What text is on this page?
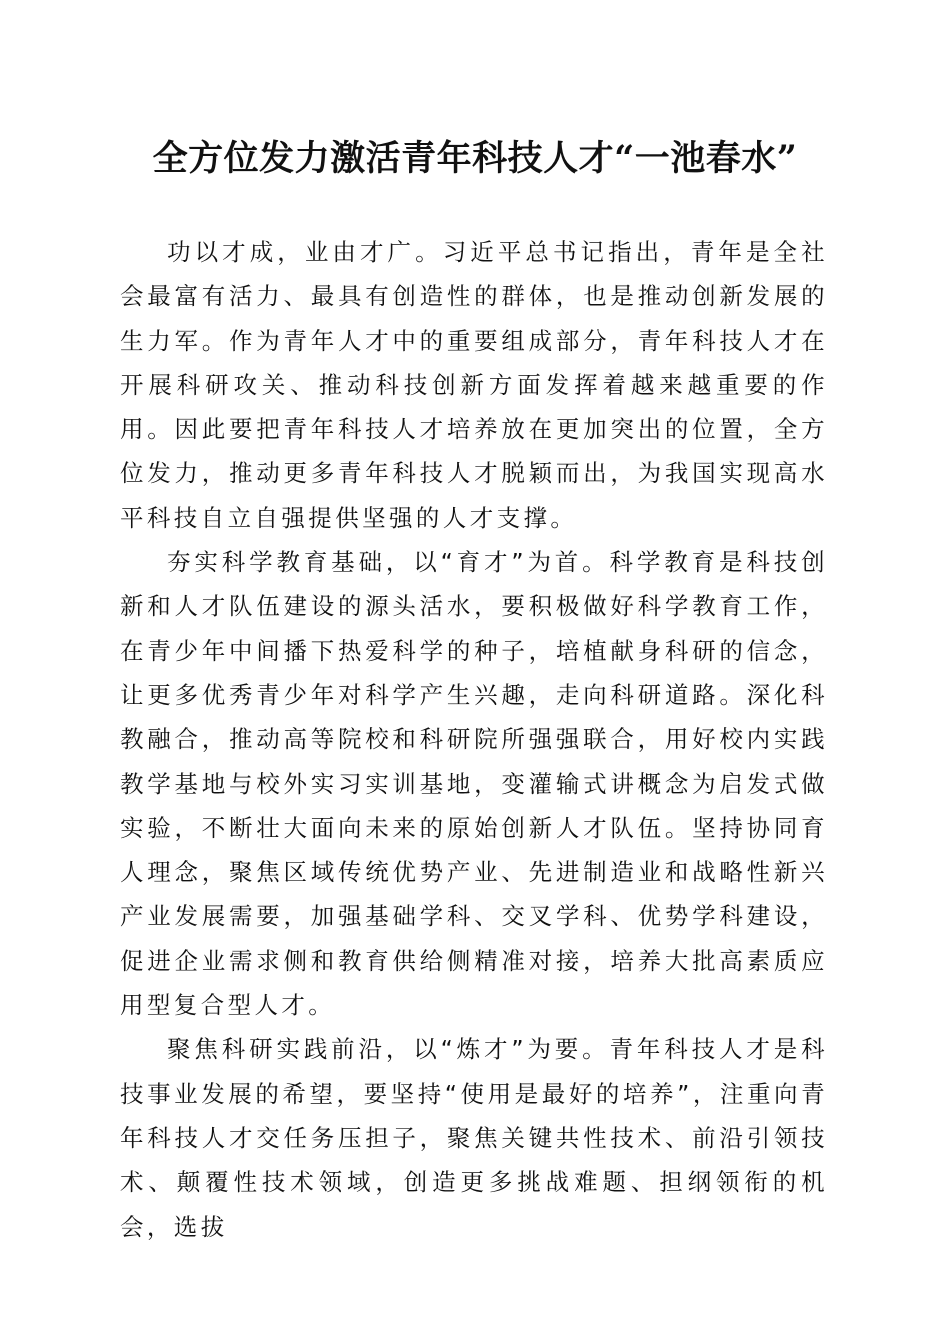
全方位发力激活青年科技人才“一池春水”

功以才成，业由才广。习近平总书记指出，青年是全社会最富有活力、最具有创造性的群体，也是推动创新发展的生力军。作为青年人才中的重要组成部分，青年科技人才在开展科研攻关、推动科技创新方面发挥着越来越重要的作用。因此要把青年科技人才培养放在更加突出的位置，全方位发力，推动更多青年科技人才脱颖而出，为我国实现高水平科技自立自强提供坚强的人才支撑。

夯实科学教育基础，以“育才”为首。科学教育是科技创新和人才队伍建设的源头活水，要积极做好科学教育工作，在青少年中间播下热爱科学的种子，培植献身科研的信念，让更多优秀青少年对科学产生兴趣，走向科研道路。深化科教融合，推动高等院校和科研院所强强联合，用好校内实践教学基地与校外实习实训基地，变灌输式讲概念为启发式做实验，不断壮大面向未来的原始创新人才队伍。坚持协同育人理念，聚焦区域传统优势产业、先进制造业和战略性新兴产业发展需要，加强基础学科、交叉学科、优势学科建设，促进企业需求侧和教育供给侧精准对接，培养大批高素质应用型复合型人才。

聚焦科研实践前沿，以“炼才”为要。青年科技人才是科技事业发展的希望，要坚持“使用是最好的培养”，注重向青年科技人才交任务压担子，聚焦关键共性技术、前沿引领技术、颠覆性技术领域，创造更多挑战难题、担纲领衔的机会，选拔
